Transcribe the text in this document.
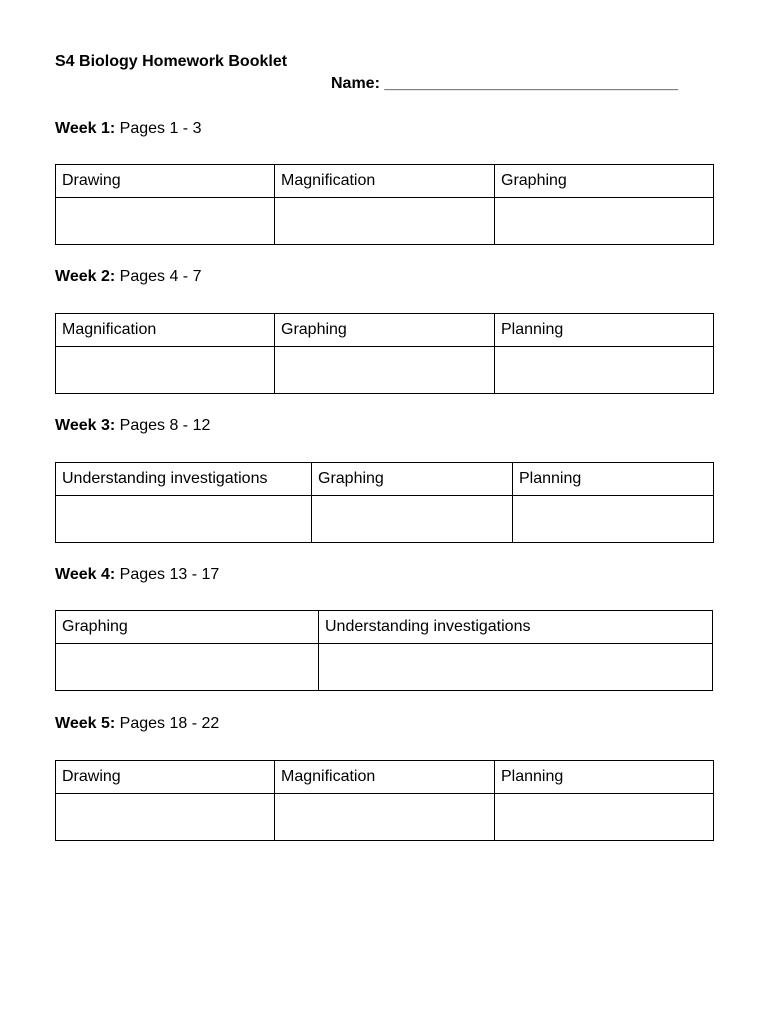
S4 Biology Homework Booklet
Name: _________________________________
Week 1: Pages 1 - 3
Drawing	Magnification	Graphing

Week 2: Pages 4 - 7
Magnification	Graphing	Planning

Week 3: Pages 8 - 12
Understanding investigations	Graphing	Planning

Week 4: Pages 13 - 17
Graphing	Understanding investigations

Week 5: Pages 18 - 22
Drawing	Magnification	Planning
